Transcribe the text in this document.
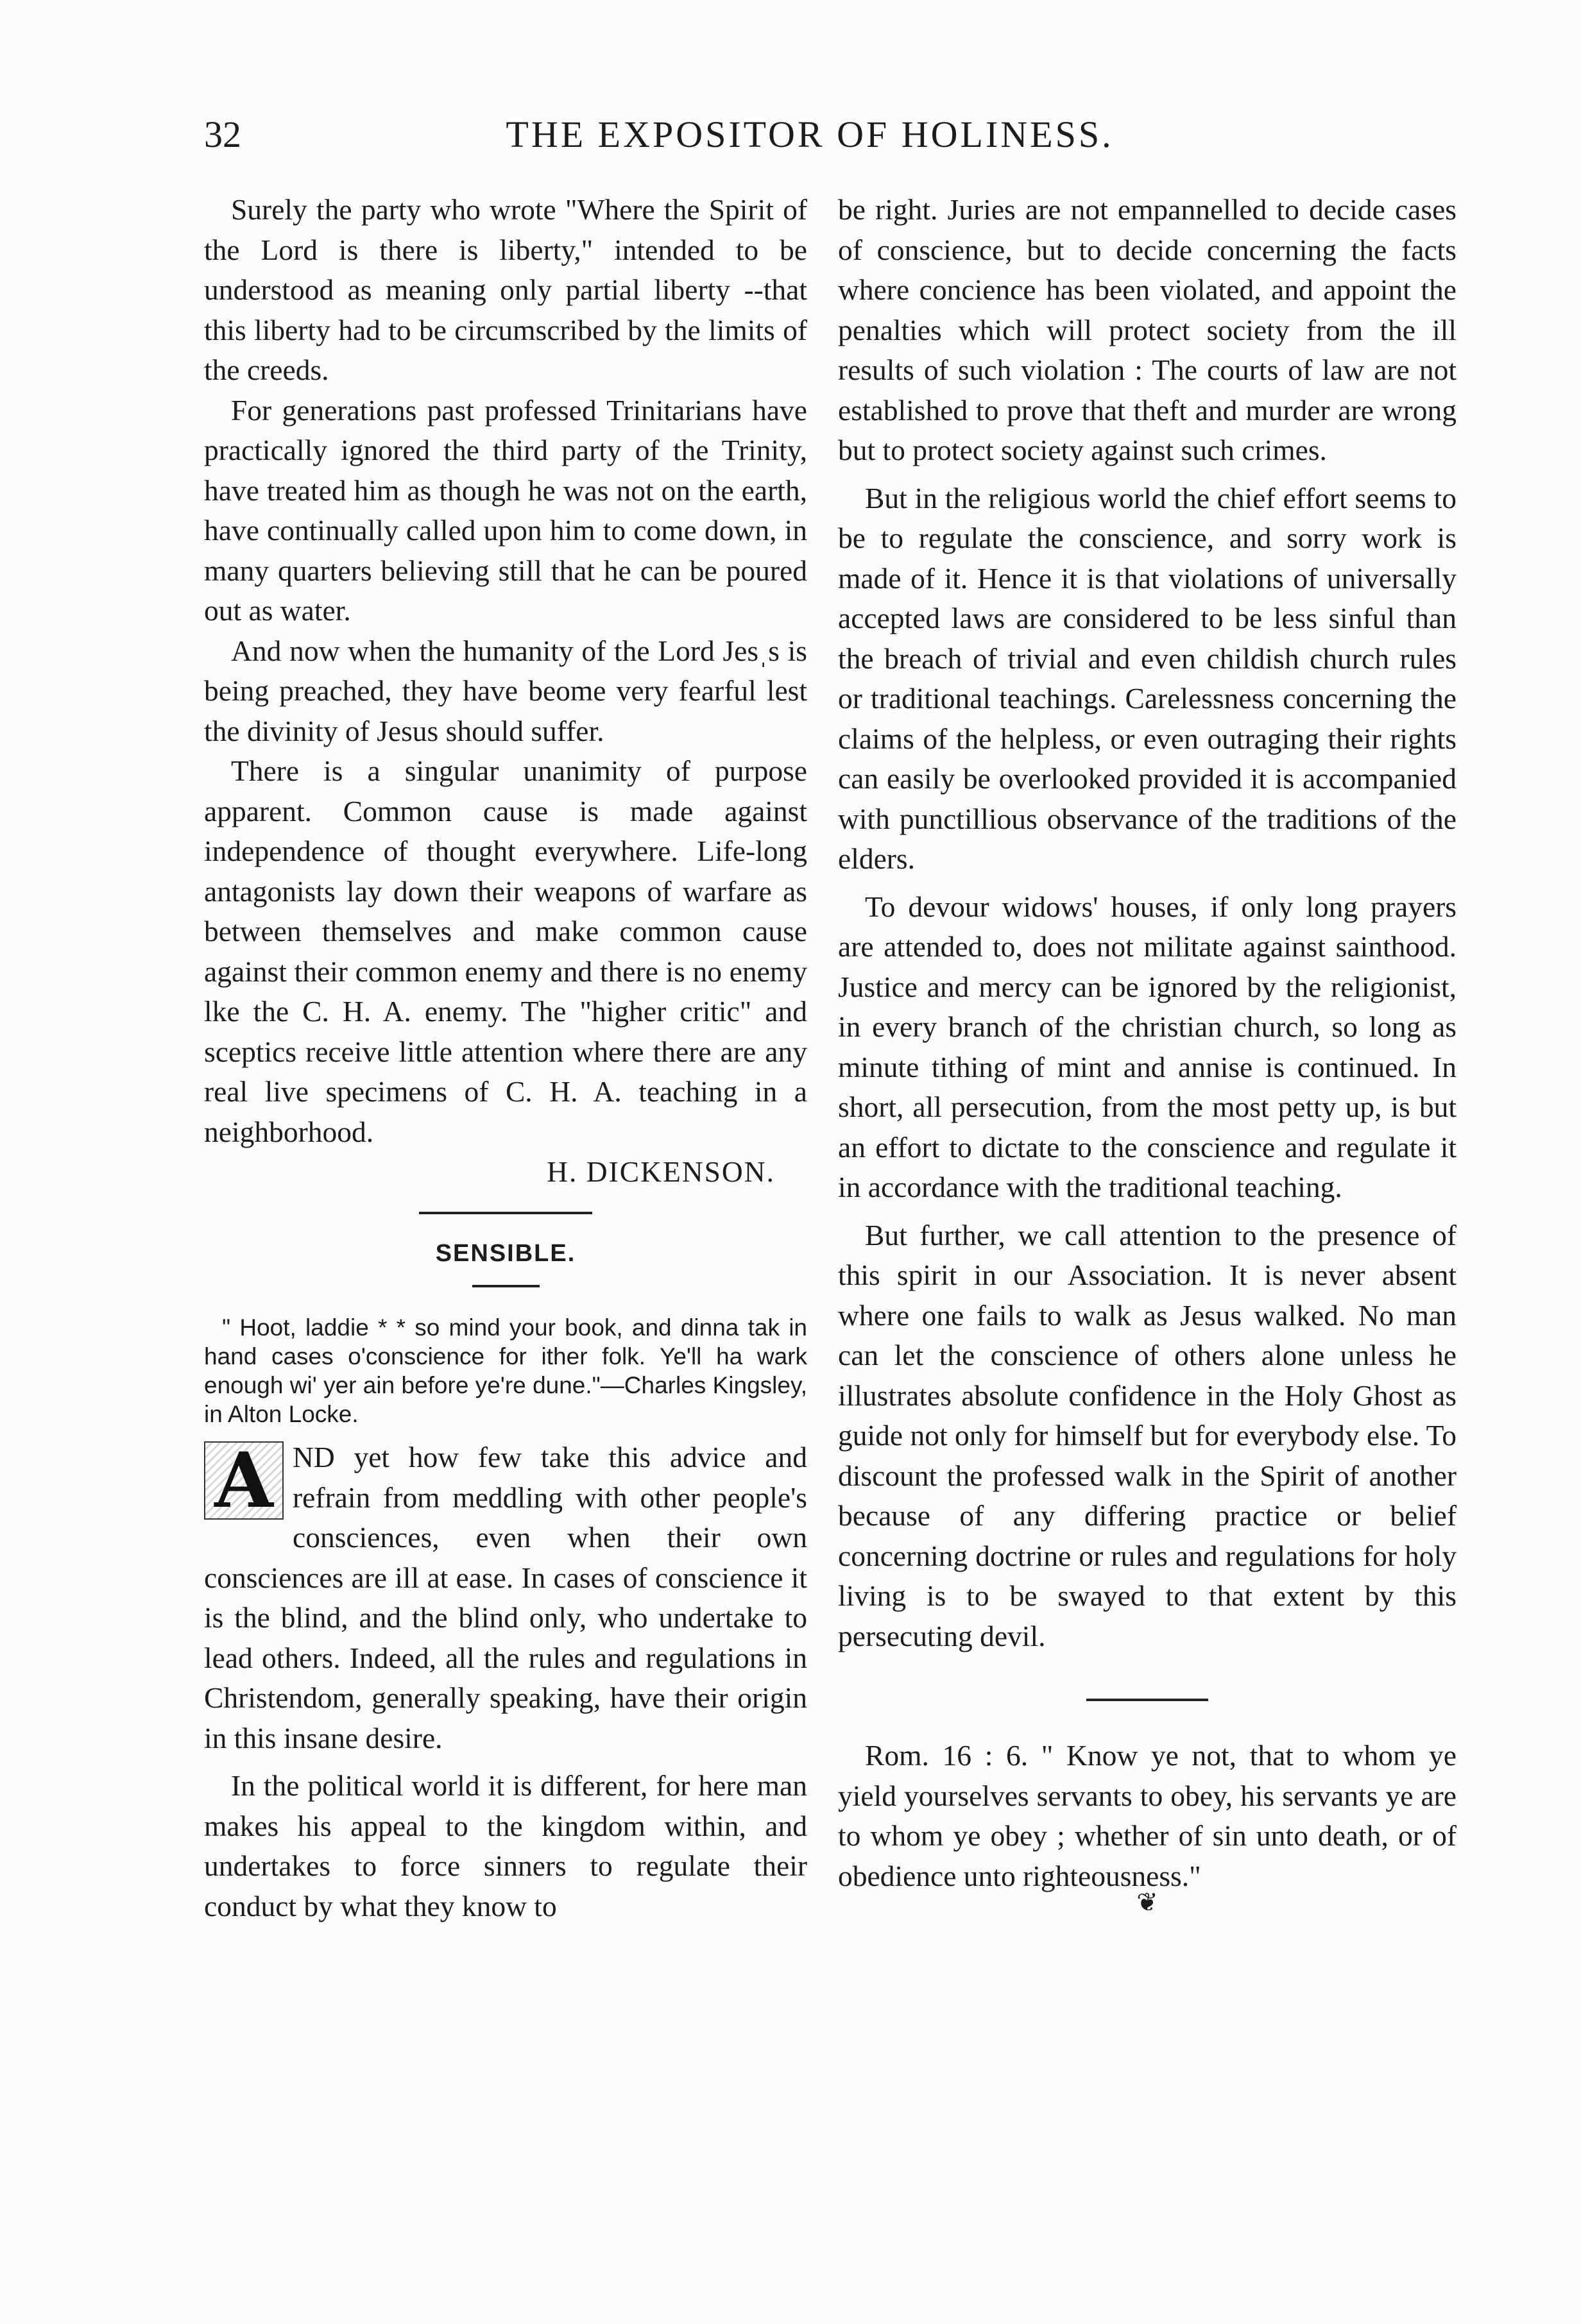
32	THE EXPOSITOR OF HOLINESS.

Surely the party who wrote "Where the Spirit of the Lord is there is liberty," intended to be understood as meaning only partial liberty --that this liberty had to be circumscribed by the limits of the creeds.

For generations past professed Trinitarians have practically ignored the third party of the Trinity, have treated him as though he was not on the earth, have continually called upon him to come down, in many quarters believing still that he can be poured out as water.

And now when the humanity of the Lord Jesˌs is being preached, they have beome very fearful lest the divinity of Jesus should suffer.

There is a singular unanimity of purpose apparent. Common cause is made against independence of thought everywhere. Life-long antagonists lay down their weapons of warfare as between themselves and make common cause against their common enemy and there is no enemy lke the C. H. A. enemy. The "higher critic" and sceptics receive little attention where there are any real live specimens of C. H. A. teaching in a neighborhood.

H. DICKENSON.

SENSIBLE.

" Hoot, laddie * * so mind your book, and dinna tak in hand cases o'conscience for ither folk. Ye'll ha wark enough wi' yer ain before ye're dune."—Charles Kingsley, in Alton Locke.

A ND yet how few take this advice and refrain from meddling with other people's consciences, even when their own consciences are ill at ease. In cases of conscience it is the blind, and the blind only, who undertake to lead others. Indeed, all the rules and regulations in Christendom, generally speaking, have their origin in this insane desire.

In the political world it is different, for here man makes his appeal to the kingdom within, and undertakes to force sinners to regulate their conduct by what they know to

be right. Juries are not empannelled to decide cases of conscience, but to decide concerning the facts where concience has been violated, and appoint the penalties which will protect society from the ill results of such violation : The courts of law are not established to prove that theft and murder are wrong but to protect society against such crimes.

But in the religious world the chief effort seems to be to regulate the conscience, and sorry work is made of it. Hence it is that violations of universally accepted laws are considered to be less sinful than the breach of trivial and even childish church rules or traditional teachings. Carelessness concerning the claims of the helpless, or even outraging their rights can easily be overlooked provided it is accompanied with punctillious observance of the traditions of the elders.

To devour widows' houses, if only long prayers are attended to, does not militate against sainthood. Justice and mercy can be ignored by the religionist, in every branch of the christian church, so long as minute tithing of mint and annise is continued. In short, all persecution, from the most petty up, is but an effort to dictate to the conscience and regulate it in accordance with the traditional teaching.

But further, we call attention to the presence of this spirit in our Association. It is never absent where one fails to walk as Jesus walked. No man can let the conscience of others alone unless he illustrates absolute confidence in the Holy Ghost as guide not only for himself but for everybody else. To discount the professed walk in the Spirit of another because of any differing practice or belief concerning doctrine or rules and regulations for holy living is to be swayed to that extent by this persecuting devil.

Rom. 16 : 6. " Know ye not, that to whom ye yield yourselves servants to obey, his servants ye are to whom ye obey ; whether of sin unto death, or of obedience unto righteousness."

❦
